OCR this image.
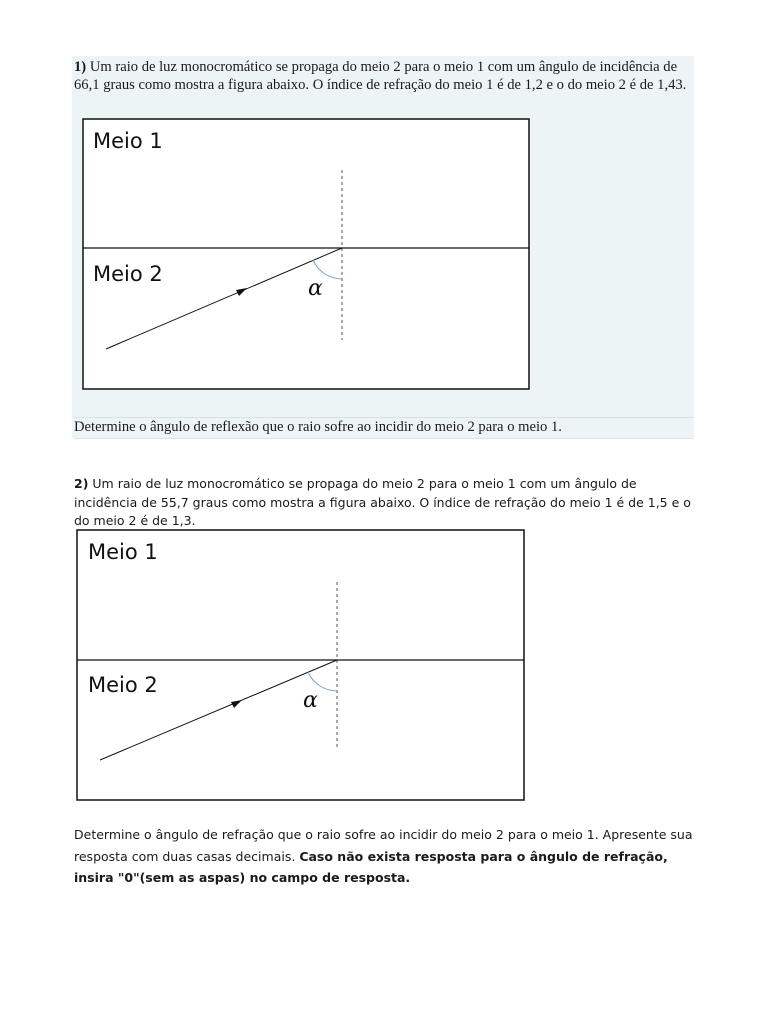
1) Um raio de luz monocromático se propaga do meio 2 para o meio 1 com um ângulo de incidência de 66,1 graus como mostra a figura abaixo. O índice de refração do meio 1 é de 1,2 e o do meio 2 é de 1,43.

Meio 1
Meio 2
α

Determine o ângulo de reflexão que o raio sofre ao incidir do meio 2 para o meio 1.

2) Um raio de luz monocromático se propaga do meio 2 para o meio 1 com um ângulo de incidência de 55,7 graus como mostra a figura abaixo. O índice de refração do meio 1 é de 1,5 e o do meio 2 é de 1,3.

Meio 1
Meio 2
α

Determine o ângulo de refração que o raio sofre ao incidir do meio 2 para o meio 1. Apresente sua resposta com duas casas decimais. Caso não exista resposta para o ângulo de refração, insira "0"(sem as aspas) no campo de resposta.
